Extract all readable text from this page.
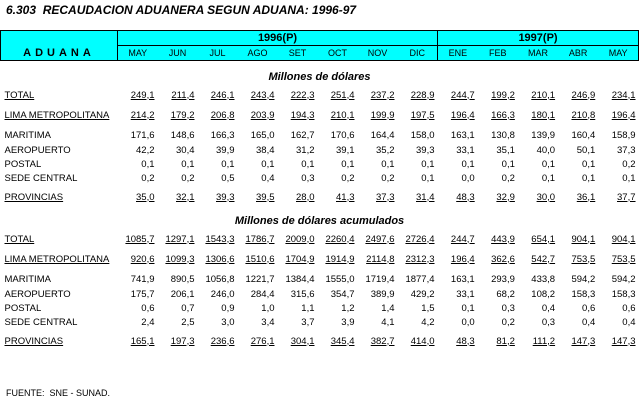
6.303  RECAUDACION ADUANERA SEGUN ADUANA: 1996-97
ADUANA	1996(P)								1997(P)				
	MAY	JUN	JUL	AGO	SET	OCT	NOV	DIC	ENE	FEB	MAR	ABR	MAY

Millones de dólares													
TOTAL	249,1	211,4	246,1	243,4	222,3	251,4	237,2	228,9	244,7	199,2	210,1	246,9	234,1

LIMA METROPOLITANA	214,2	179,2	206,8	203,9	194,3	210,1	199,9	197,5	196,4	166,3	180,1	210,8	196,4

MARITIMA	171,6	148,6	166,3	165,0	162,7	170,6	164,4	158,0	163,1	130,8	139,9	160,4	158,9
AEROPUERTO	42,2	30,4	39,9	38,4	31,2	39,1	35,2	39,3	33,1	35,1	40,0	50,1	37,3
POSTAL	0,1	0,1	0,1	0,1	0,1	0,1	0,1	0,1	0,1	0,1	0,1	0,1	0,2
SEDE CENTRAL	0,2	0,2	0,5	0,4	0,3	0,2	0,2	0,1	0,0	0,2	0,1	0,1	0,1

PROVINCIAS	35,0	32,1	39,3	39,5	28,0	41,3	37,3	31,4	48,3	32,9	30,0	36,1	37,7

Millones de dólares acumulados													
TOTAL	1085,7	1297,1	1543,3	1786,7	2009,0	2260,4	2497,6	2726,4	244,7	443,9	654,1	904,1	904,1

LIMA METROPOLITANA	920,6	1099,3	1306,6	1510,6	1704,9	1914,9	2114,8	2312,3	196,4	362,6	542,7	753,5	753,5

MARITIMA	741,9	890,5	1056,8	1221,7	1384,4	1555,0	1719,4	1877,4	163,1	293,9	433,8	594,2	594,2
AEROPUERTO	175,7	206,1	246,0	284,4	315,6	354,7	389,9	429,2	33,1	68,2	108,2	158,3	158,3
POSTAL	0,6	0,7	0,9	1,0	1,1	1,2	1,4	1,5	0,1	0,3	0,4	0,6	0,6
SEDE CENTRAL	2,4	2,5	3,0	3,4	3,7	3,9	4,1	4,2	0,0	0,2	0,3	0,4	0,4

PROVINCIAS	165,1	197,3	236,6	276,1	304,1	345,4	382,7	414,0	48,3	81,2	111,2	147,3	147,3
FUENTE:  SNE - SUNAD.
